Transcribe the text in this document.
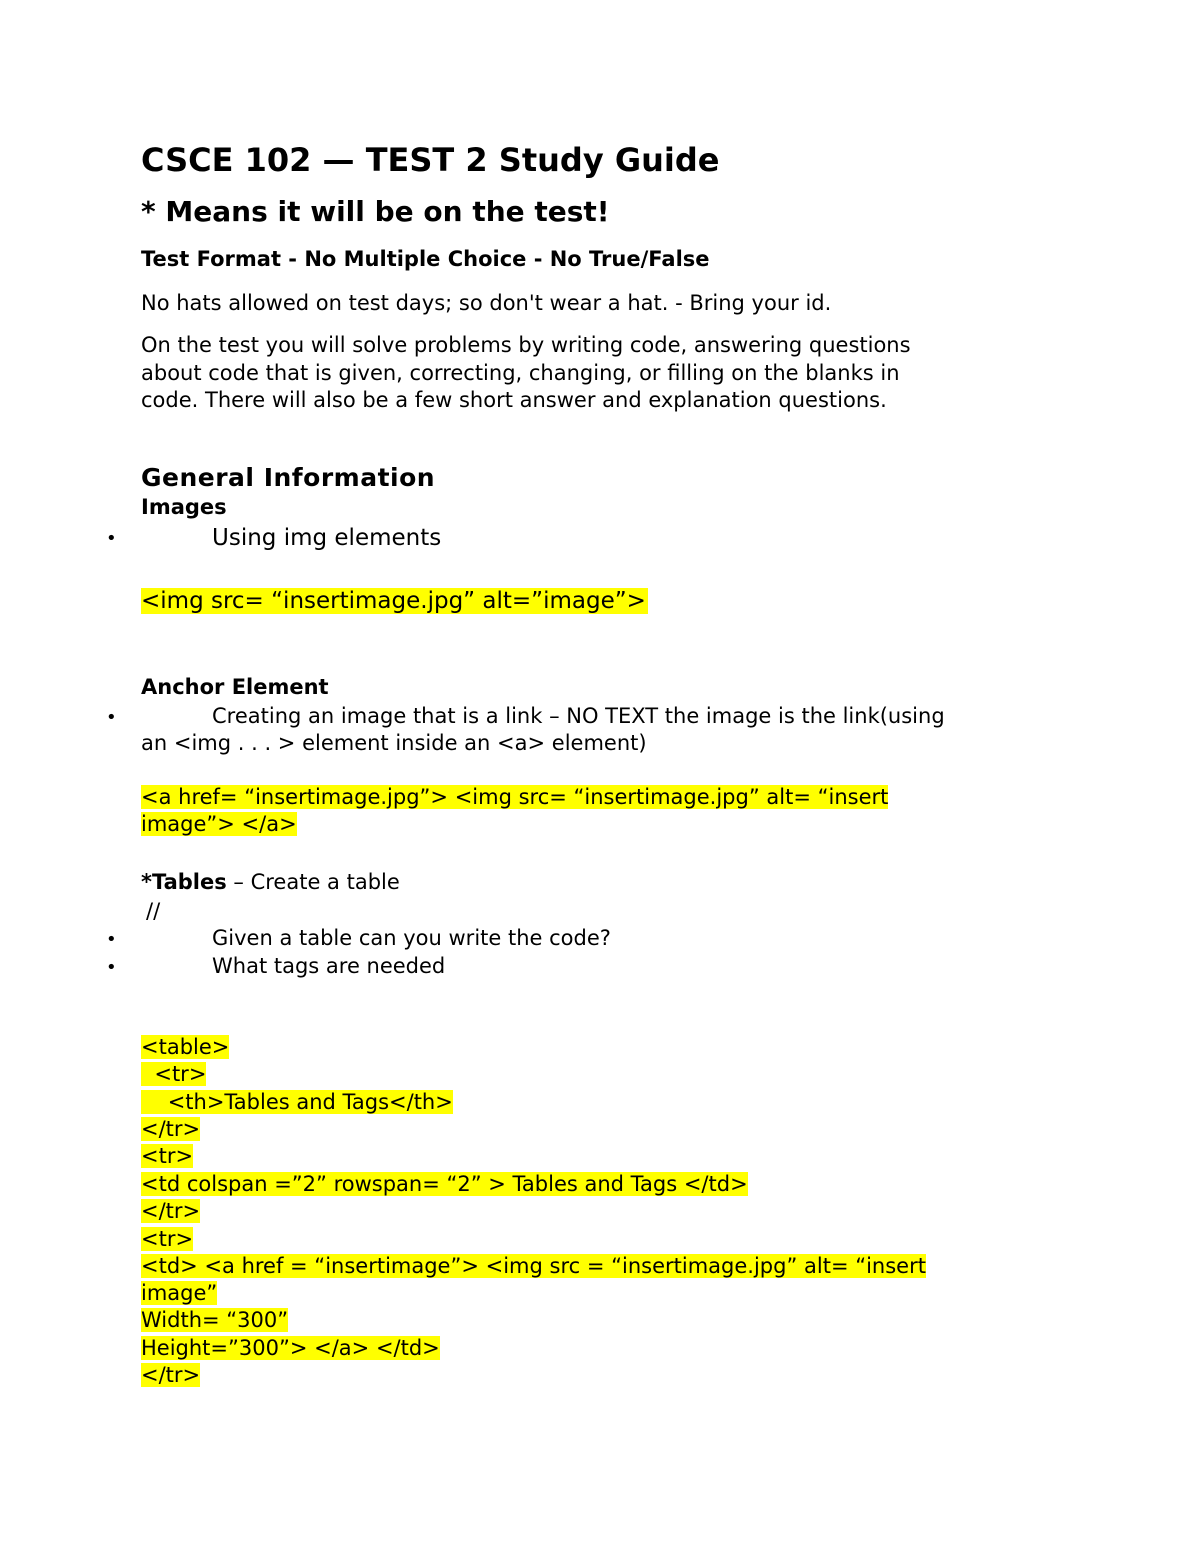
CSCE 102 — TEST 2 Study Guide
* Means it will be on the test!
Test Format - No Multiple Choice - No True/False
No hats allowed on test days; so don't wear a hat. - Bring your id.
On the test you will solve problems by writing code, answering questions
about code that is given, correcting, changing, or filling on the blanks in
code. There will also be a few short answer and explanation questions.
General Information
Images
•	Using img elements
<img src= “insertimage.jpg” alt=”image”>
Anchor Element
•	Creating an image that is a link – NO TEXT the image is the link(using
an <img . . . > element inside an <a> element)
<a href= “insertimage.jpg”> <img src= “insertimage.jpg” alt= “insert
image”> </a>
*Tables – Create a table
//
•	Given a table can you write the code?
•	What tags are needed
<table>
<tr>
<th>Tables and Tags</th>
</tr>
<tr>
<td colspan =”2” rowspan= “2” > Tables and Tags </td>
</tr>
<tr>
<td> <a href = “insertimage”> <img src = “insertimage.jpg” alt= “insert
image”
Width= “300”
Height=”300”> </a> </td>
</tr>
